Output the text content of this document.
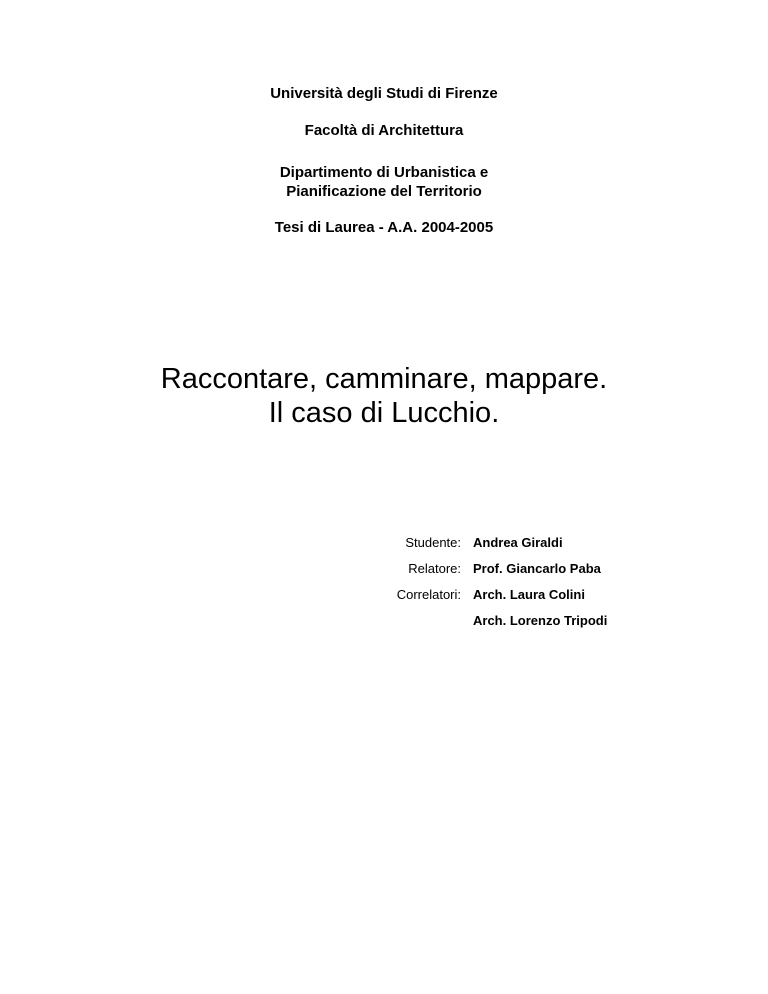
Università degli Studi di Firenze
Facoltà di Architettura
Dipartimento di Urbanistica e
Pianificazione del Territorio
Tesi di Laurea - A.A. 2004-2005
Raccontare, camminare, mappare.
Il caso di Lucchio.
Studente: Andrea Giraldi
Relatore: Prof. Giancarlo Paba
Correlatori: Arch. Laura Colini
Arch. Lorenzo Tripodi
